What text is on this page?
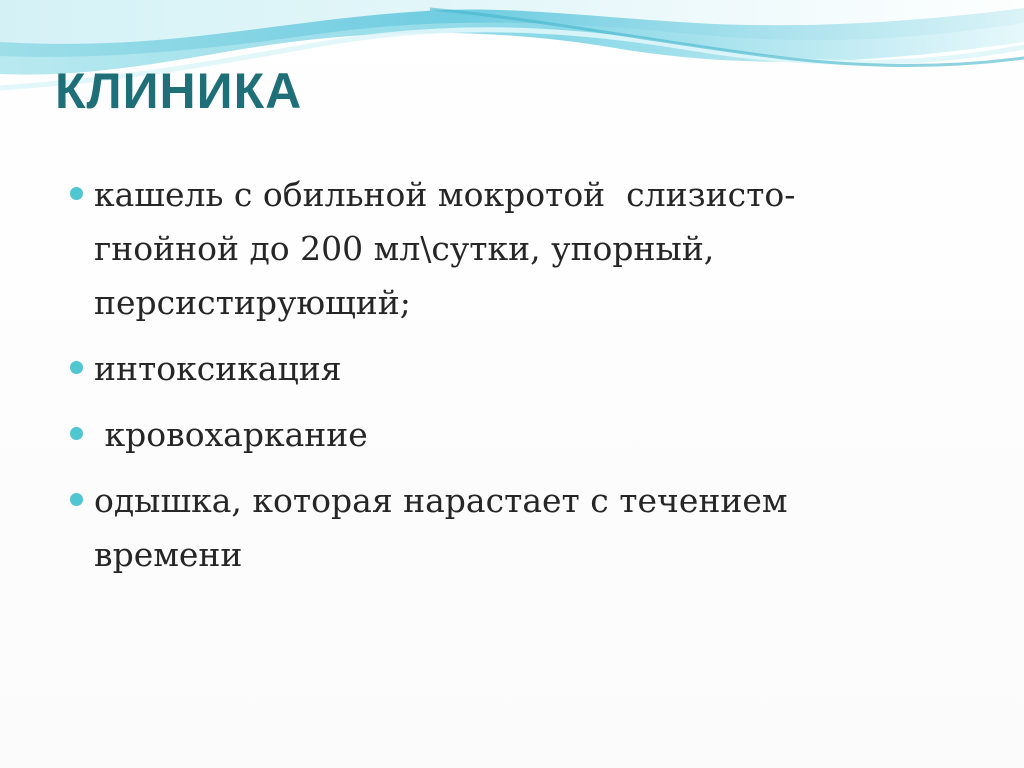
КЛИНИКА
кашель с обильной мокротой  слизисто-
гнойной до 200 мл\сутки, упорный,
персистирующий;
интоксикация
кровохаркание
одышка, которая нарастает с течением
времени
